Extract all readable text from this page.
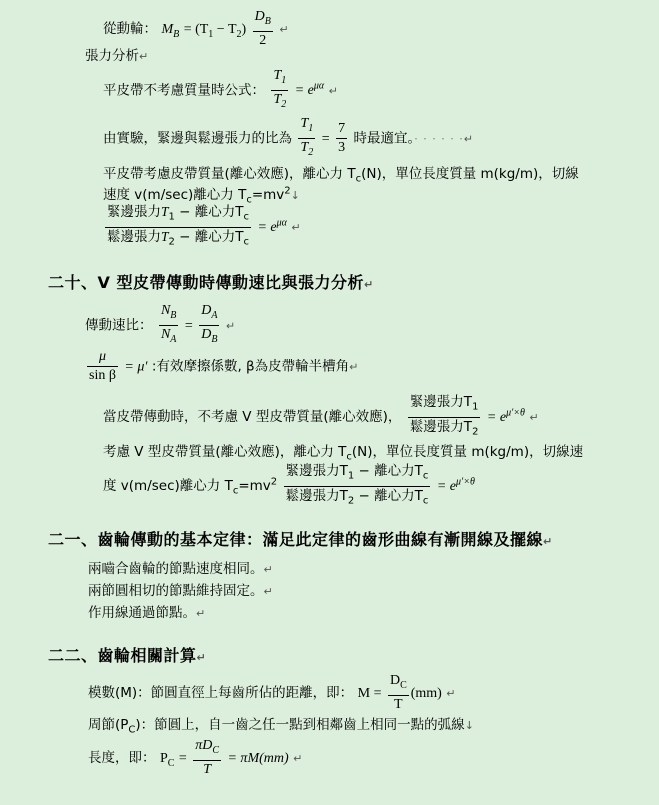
從動輪： $M_B = (T_1 - T_2) \frac{D_B}{2}$ ↵
張力分析↵
平皮帶不考慮質量時公式： $\frac{T_1}{T_2} = e^{\mu\alpha}$ ↵
由實驗，緊邊與鬆邊張力的比為 $\frac{T_1}{T_2} = \frac{7}{3}$ 時最適宜。· · · · · ·↵
平皮帶考慮皮帶質量(離心效應)，離心力 $T_c(N)$，單位長度質量 m(kg/m)，切線
速度 v(m/sec)離心力 $T_c=mv^2↓$
$\frac{緊邊張力T_1 - 離心力T_c}{鬆邊張力T_2 - 離心力T_c} = e^{\mu\alpha}$ ↵
二十、V 型皮帶傳動時傳動速比與張力分析↵
傳動速比： $\frac{N_B}{N_A} = \frac{D_A}{D_B}$ ↵
$\frac{\mu}{\text{sin β}} = \mu'$ :有效摩擦係數, β為皮帶輪半槽角↵
當皮帶傳動時，不考慮 V 型皮帶質量(離心效應)， $\frac{緊邊張力T_1}{鬆邊張力T_2} = e^{\mu'\times\theta}$ ↵
考慮 V 型皮帶質量(離心效應)，離心力 $T_c(N)$，單位長度質量 m(kg/m)，切線速
度 v(m/sec)離心力 $T_c=mv^2 \frac{緊邊張力T_1 - 離心力T_c}{鬆邊張力T_2 - 離心力T_c} = e^{\mu'\times\theta}$
二一、齒輪傳動的基本定律：滿足此定律的齒形曲線有漸開線及擺線↵
兩嚙合齒輪的節點速度相同。↵
兩節圓相切的節點維持固定。↵
作用線通過節點。↵
二二、齒輪相關計算↵
模數(M)：節圓直徑上每齒所佔的距離，即： $M = \frac{D_C}{T} (mm)$ ↵
周節$(P_C)$：節圓上，自一齒之任一點到相鄰齒上相同一點的弧線↓
長度，即： $P_C = \frac{\pi D_C}{T} = \pi M(mm)$ ↵
